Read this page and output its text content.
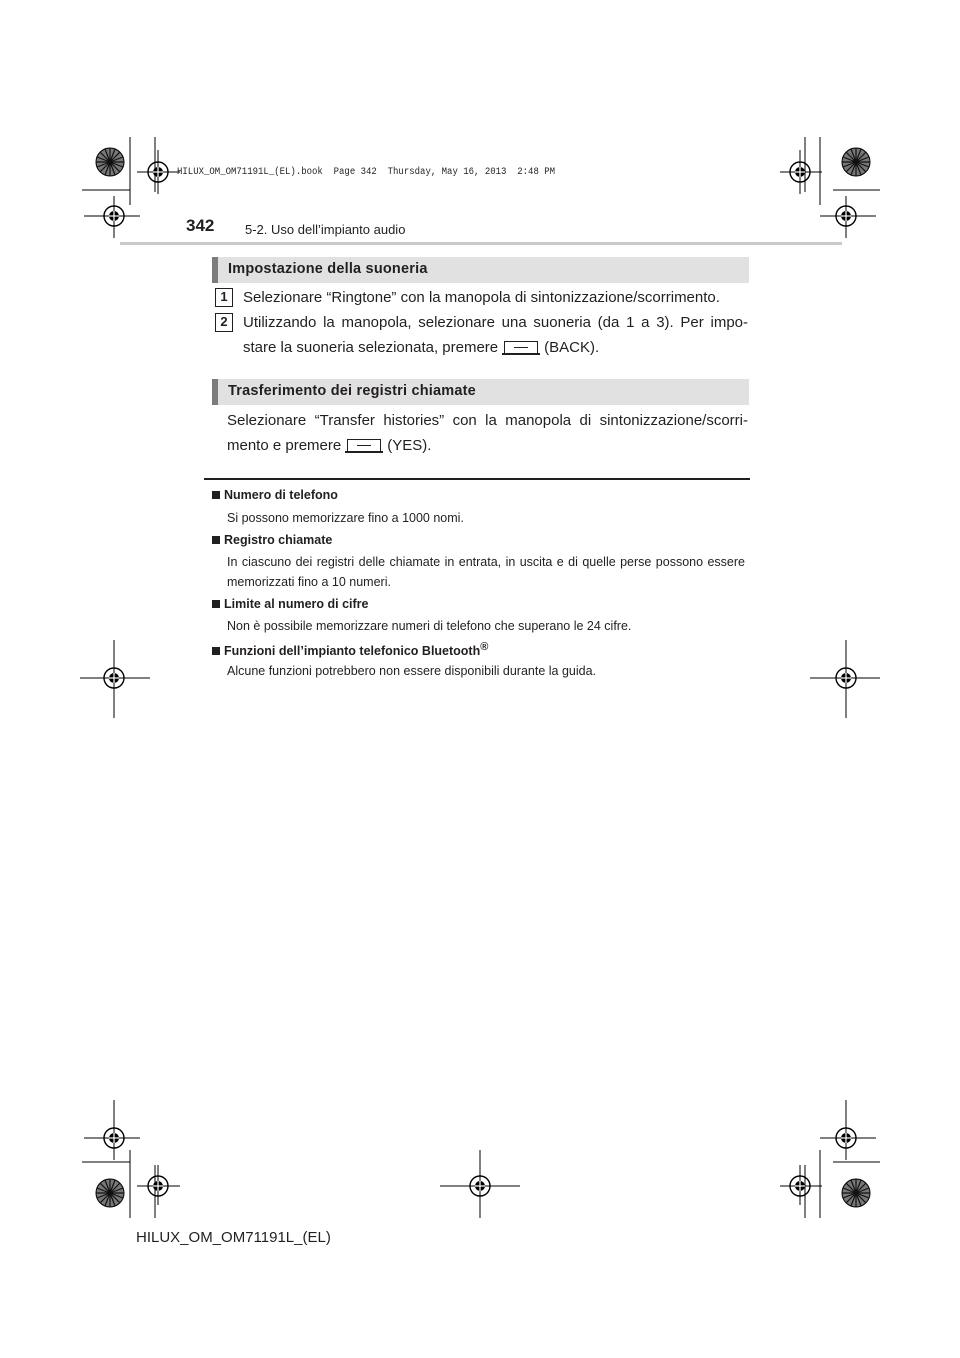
HILUX_OM_OM71191L_(EL).book  Page 342  Thursday, May 16, 2013  2:48 PM
342 5-2. Uso dell’impianto audio
Impostazione della suoneria
1	Selezionare “Ringtone” con la manopola di sintonizzazione/scorrimento.
2	Utilizzando la manopola, selezionare una suoneria (da 1 a 3). Per impo-
stare la suoneria selezionata, premere	(BACK).
Trasferimento dei registri chiamate
Selezionare “Transfer histories” con la manopola di sintonizzazione/scorri-
mento e premere	(YES).
Numero di telefono
Si possono memorizzare fino a 1000 nomi.
Registro chiamate
In ciascuno dei registri delle chiamate in entrata, in uscita e di quelle perse possono essere memorizzati fino a 10 numeri.
Limite al numero di cifre
Non è possibile memorizzare numeri di telefono che superano le 24 cifre.
Funzioni dell’impianto telefonico Bluetooth®
Alcune funzioni potrebbero non essere disponibili durante la guida.
HILUX_OM_OM71191L_(EL)
